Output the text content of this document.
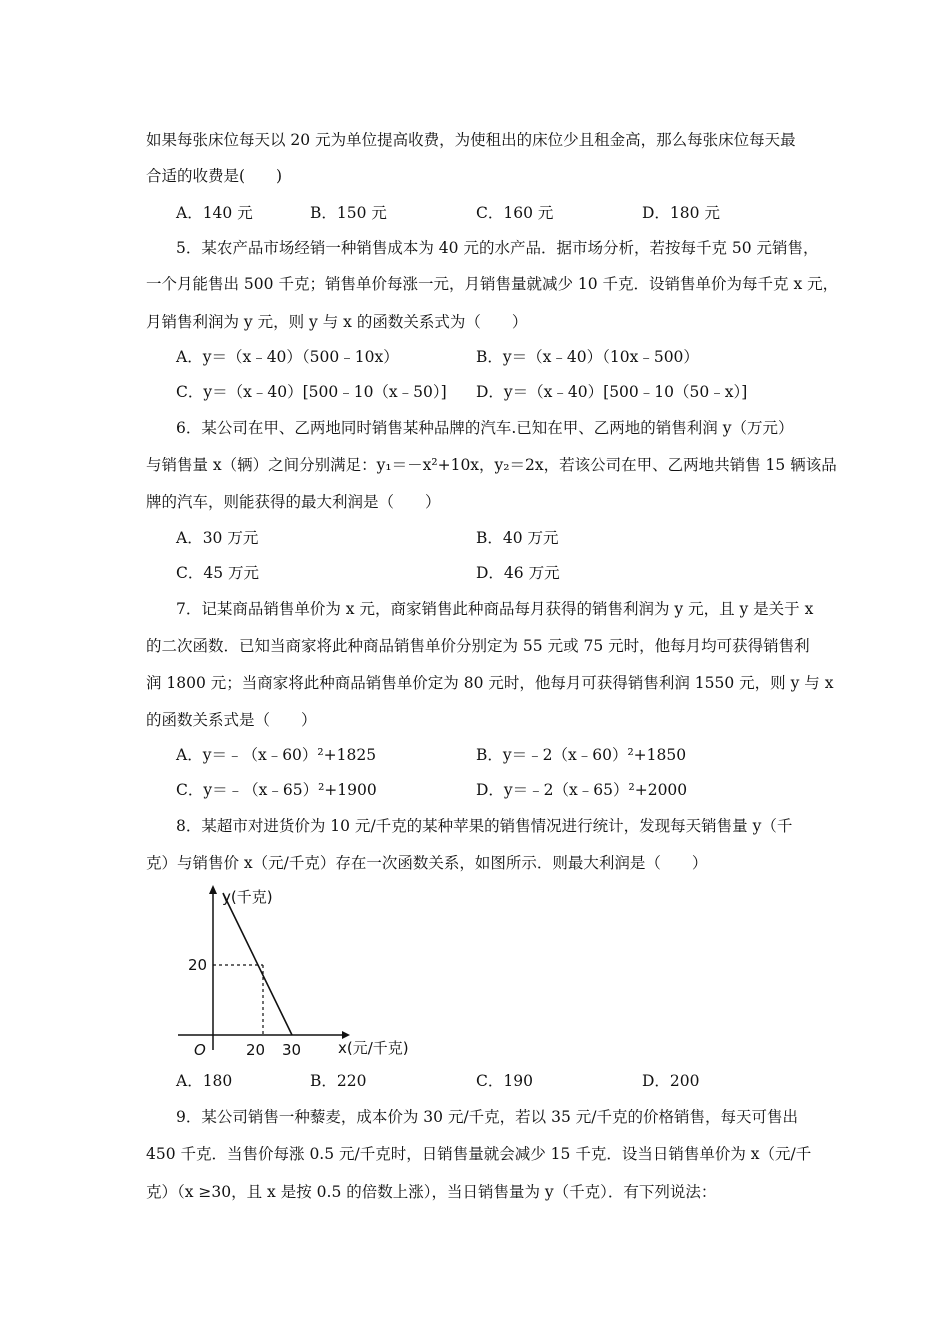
如果每张床位每天以 20 元为单位提高收费，为使租出的床位少且租金高，那么每张床位每天最
合适的收费是(　　)
A．140 元	B．150 元	C．160 元	D．180 元
5．某农产品市场经销一种销售成本为 40 元的水产品．据市场分析，若按每千克 50 元销售，
一个月能售出 500 千克；销售单价每涨一元，月销售量就减少 10 千克．设销售单价为每千克 x 元，
月销售利润为 y 元，则 y 与 x 的函数关系式为（　　）
A．y＝（x﹣40）（500﹣10x）	B．y＝（x﹣40）（10x﹣500）
C．y＝（x﹣40）[500﹣10（x﹣50）] D．y＝（x﹣40）[500﹣10（50﹣x）]
6．某公司在甲、乙两地同时销售某种品牌的汽车.已知在甲、乙两地的销售利润 y（万元）
与销售量 x（辆）之间分别满足：y₁＝－x²+10x，y₂＝2x，若该公司在甲、乙两地共销售 15 辆该品
牌的汽车，则能获得的最大利润是（　　）
A．30 万元	B．40 万元
C．45 万元	D．46 万元
7．记某商品销售单价为 x 元，商家销售此种商品每月获得的销售利润为 y 元，且 y 是关于 x
的二次函数．已知当商家将此种商品销售单价分别定为 55 元或 75 元时，他每月均可获得销售利
润 1800 元；当商家将此种商品销售单价定为 80 元时，他每月可获得销售利润 1550 元，则 y 与 x
的函数关系式是（　　）
A．y＝﹣（x﹣60）²+1825	B．y＝﹣2（x﹣60）²+1850
C．y＝﹣（x﹣65）²+1900	D．y＝﹣2（x﹣65）²+2000
8．某超市对进货价为 10 元/千克的某种苹果的销售情况进行统计，发现每天销售量 y（千
克）与销售价 x（元/千克）存在一次函数关系，如图所示．则最大利润是（　　）
y(千克)
x(元/千克)
O
20
20 30
A．180	B．220	C．190	D．200
9．某公司销售一种藜麦，成本价为 30 元/千克，若以 35 元/千克的价格销售，每天可售出
450 千克．当售价每涨 0.5 元/千克时，日销售量就会减少 15 千克．设当日销售单价为 x（元/千
克）（x ≥30，且 x 是按 0.5 的倍数上涨），当日销售量为 y（千克）．有下列说法：
